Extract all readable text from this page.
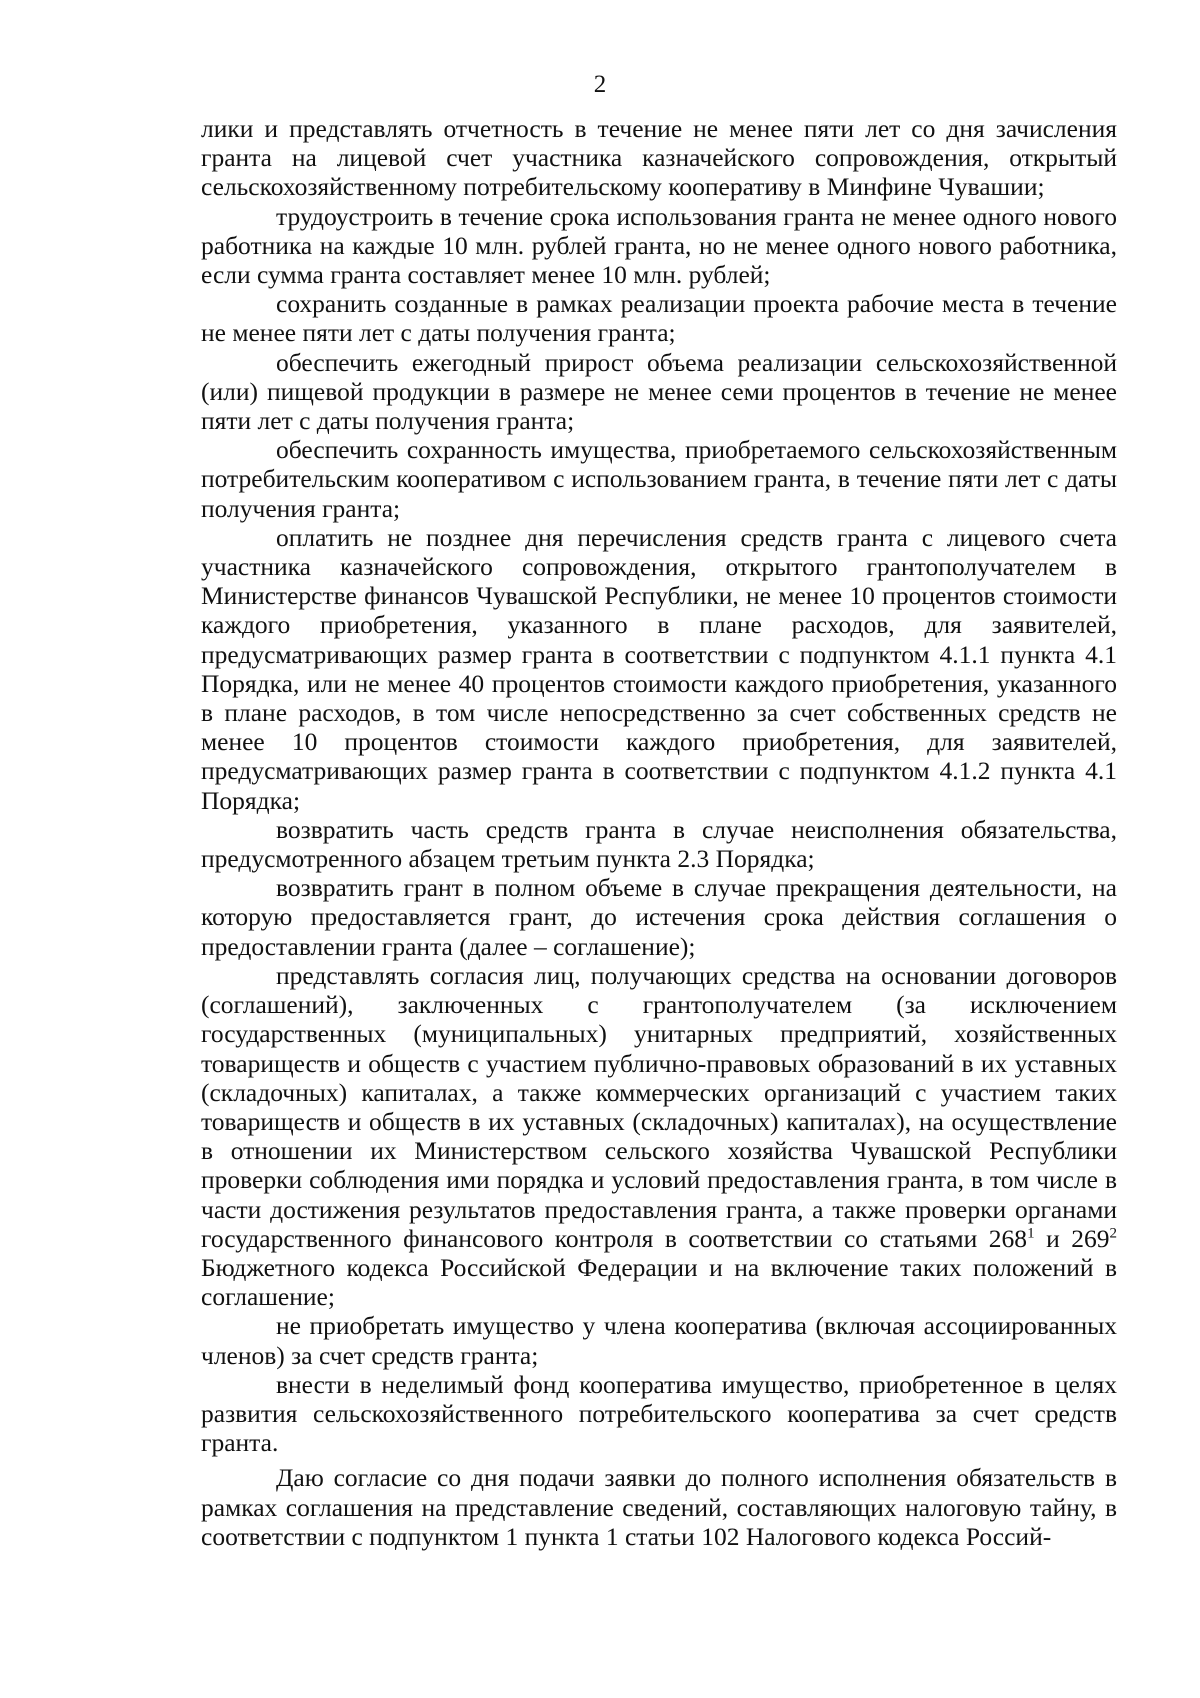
2

лики и представлять отчетность в течение не менее пяти лет со дня зачисления гранта на лицевой счет участника казначейского сопровождения, открытый сельскохозяйственному потребительскому кооперативу в Минфине Чувашии;

трудоустроить в течение срока использования гранта не менее одного нового работника на каждые 10 млн. рублей гранта, но не менее одного нового работника, если сумма гранта составляет менее 10 млн. рублей;

сохранить созданные в рамках реализации проекта рабочие места в течение не менее пяти лет с даты получения гранта;

обеспечить ежегодный прирост объема реализации сельскохозяйственной (или) пищевой продукции в размере не менее семи процентов в течение не менее пяти лет с даты получения гранта;

обеспечить сохранность имущества, приобретаемого сельскохозяйственным потребительским кооперативом с использованием гранта, в течение пяти лет с даты получения гранта;

оплатить не позднее дня перечисления средств гранта с лицевого счета участника казначейского сопровождения, открытого грантополучателем в Министерстве финансов Чувашской Республики, не менее 10 процентов стоимости каждого приобретения, указанного в плане расходов, для заявителей, предусматривающих размер гранта в соответствии с подпунктом 4.1.1 пункта 4.1 Порядка, или не менее 40 процентов стоимости каждого приобретения, указанного в плане расходов, в том числе непосредственно за счет собственных средств не менее 10 процентов стоимости каждого приобретения, для заявителей, предусматривающих размер гранта в соответствии с подпунктом 4.1.2 пункта 4.1 Порядка;

возвратить часть средств гранта в случае неисполнения обязательства, предусмотренного абзацем третьим пункта 2.3 Порядка;

возвратить грант в полном объеме в случае прекращения деятельности, на которую предоставляется грант, до истечения срока действия соглашения о предоставлении гранта (далее – соглашение);

представлять согласия лиц, получающих средства на основании договоров (соглашений), заключенных с грантополучателем (за исключением государственных (муниципальных) унитарных предприятий, хозяйственных товариществ и обществ с участием публично-правовых образований в их уставных (складочных) капиталах, а также коммерческих организаций с участием таких товариществ и обществ в их уставных (складочных) капиталах), на осуществление в отношении их Министерством сельского хозяйства Чувашской Республики проверки соблюдения ими порядка и условий предоставления гранта, в том числе в части достижения результатов предоставления гранта, а также проверки органами государственного финансового контроля в соответствии со статьями $268^1$ и $269^2$ Бюджетного кодекса Российской Федерации и на включение таких положений в соглашение;

не приобретать имущество у члена кооператива (включая ассоциированных членов) за счет средств гранта;

внести в неделимый фонд кооператива имущество, приобретенное в целях развития сельскохозяйственного потребительского кооператива за счет средств гранта.

Даю согласие со дня подачи заявки до полного исполнения обязательств в рамках соглашения на представление сведений, составляющих налоговую тайну, в соответствии с подпунктом 1 пункта 1 статьи 102 Налогового кодекса Россий-
